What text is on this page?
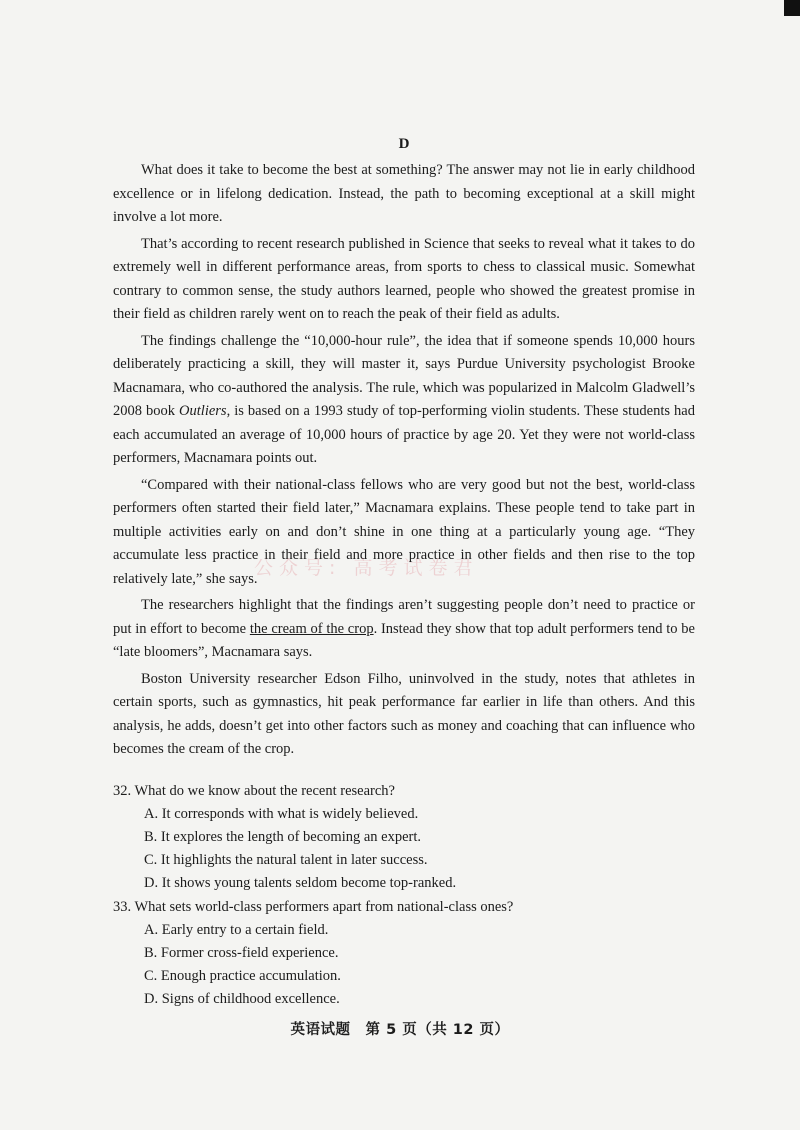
D

What does it take to become the best at something? The answer may not lie in early childhood excellence or in lifelong dedication. Instead, the path to becoming exceptional at a skill might involve a lot more.

That’s according to recent research published in Science that seeks to reveal what it takes to do extremely well in different performance areas, from sports to chess to classical music. Somewhat contrary to common sense, the study authors learned, people who showed the greatest promise in their field as children rarely went on to reach the peak of their field as adults.

The findings challenge the “10,000-hour rule”, the idea that if someone spends 10,000 hours deliberately practicing a skill, they will master it, says Purdue University psychologist Brooke Macnamara, who co-authored the analysis. The rule, which was popularized in Malcolm Gladwell’s 2008 book Outliers, is based on a 1993 study of top-performing violin students. These students had each accumulated an average of 10,000 hours of practice by age 20. Yet they were not world-class performers, Macnamara points out.

“Compared with their national-class fellows who are very good but not the best, world-class performers often started their field later,” Macnamara explains. These people tend to take part in multiple activities early on and don’t shine in one thing at a particularly young age. “They accumulate less practice in their field and more practice in other fields and then rise to the top relatively late,” she says.

The researchers highlight that the findings aren’t suggesting people don’t need to practice or put in effort to become the cream of the crop. Instead they show that top adult performers tend to be “late bloomers”, Macnamara says.

Boston University researcher Edson Filho, uninvolved in the study, notes that athletes in certain sports, such as gymnastics, hit peak performance far earlier in life than others. And this analysis, he adds, doesn’t get into other factors such as money and coaching that can influence who becomes the cream of the crop.

32. What do we know about the recent research?

A. It corresponds with what is widely believed.

B. It explores the length of becoming an expert.

C. It highlights the natural talent in later success.

D. It shows young talents seldom become top-ranked.

33. What sets world-class performers apart from national-class ones?

A. Early entry to a certain field.

B. Former cross-field experience.

C. Enough practice accumulation.

D. Signs of childhood excellence.

公众号: 高考试卷君
英语试题　第 5 页（共 12 页）
